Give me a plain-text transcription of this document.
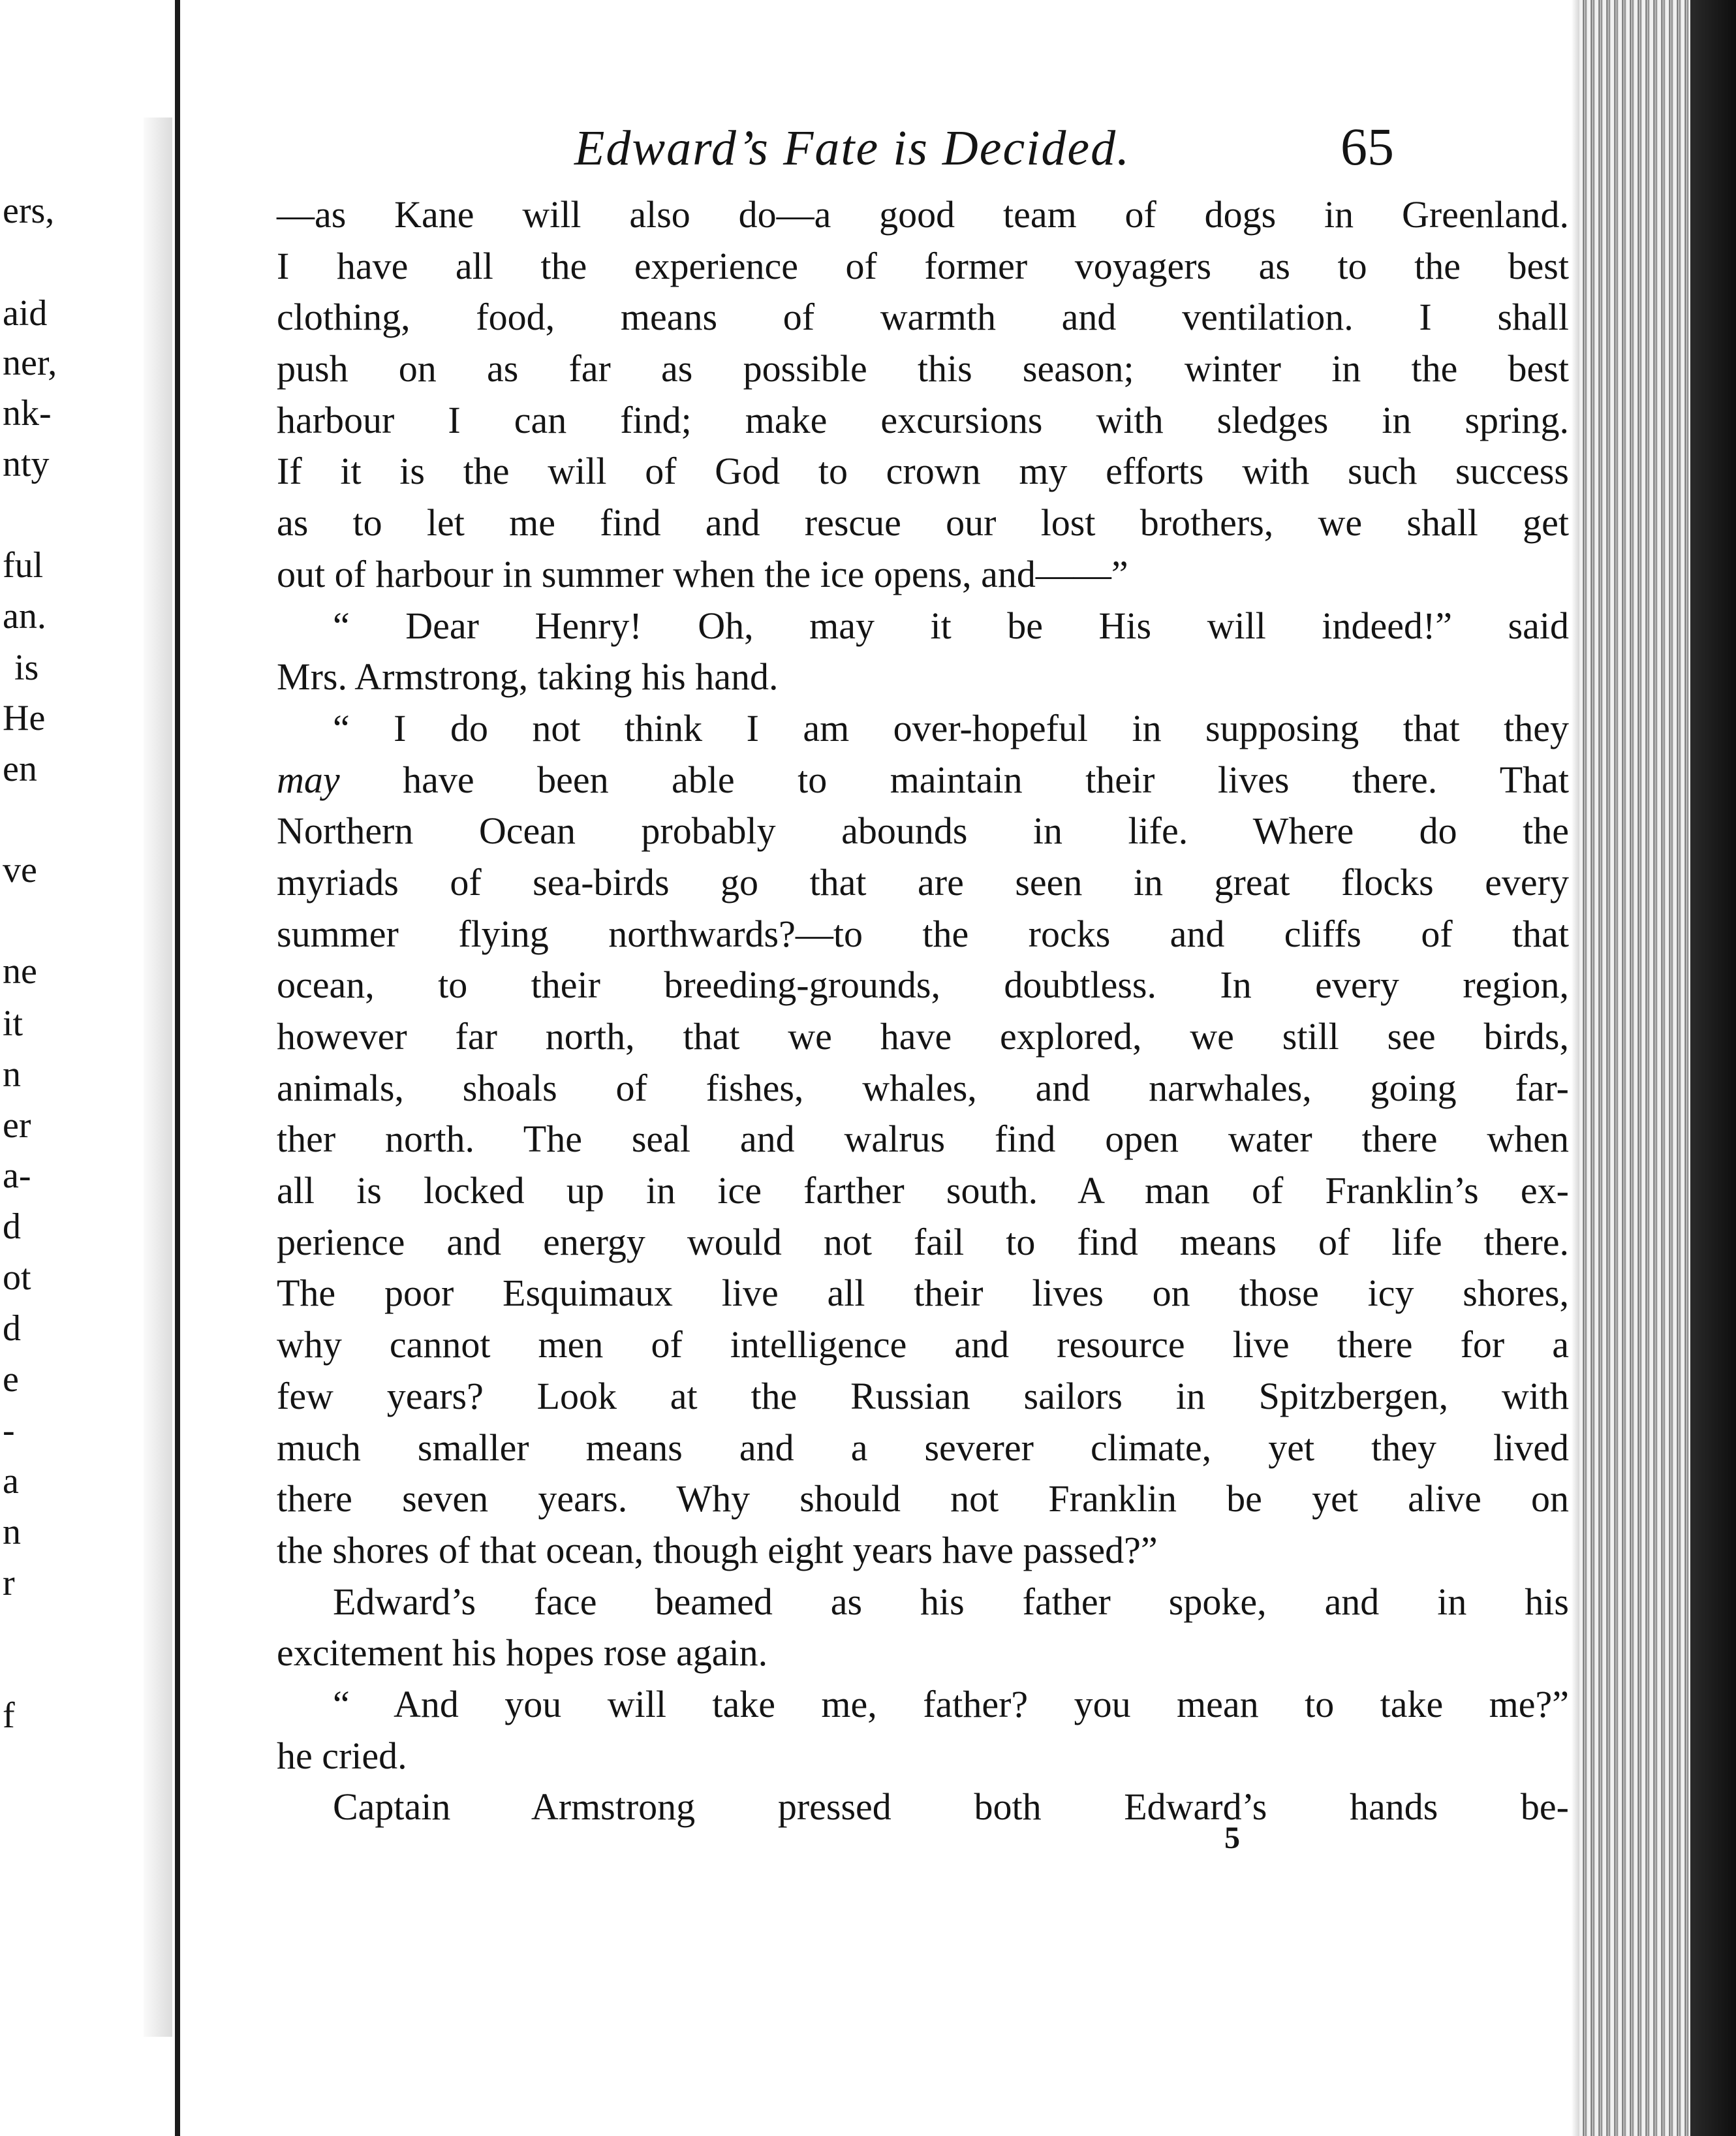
ers,
aid
ner,
nk-
nty
ful
an.
is
He
en
ve
ne
it
n
er
a-
d
ot
d
e
-
a
n
r
f
Edward’s Fate is Decided.	65
—as Kane will also do—a good team of dogs in Greenland.
I have all the experience of former voyagers as to the best
clothing, food, means of warmth and ventilation. I shall
push on as far as possible this season; winter in the best
harbour I can find; make excursions with sledges in spring.
If it is the will of God to crown my efforts with such success
as to let me find and rescue our lost brothers, we shall get
out of harbour in summer when the ice opens, and——”
“ Dear Henry! Oh, may it be His will indeed!” said
Mrs. Armstrong, taking his hand.
“ I do not think I am over-hopeful in supposing that they
may have been able to maintain their lives there. That
Northern Ocean probably abounds in life. Where do the
myriads of sea-birds go that are seen in great flocks every
summer flying northwards?—to the rocks and cliffs of that
ocean, to their breeding-grounds, doubtless. In every region,
however far north, that we have explored, we still see birds,
animals, shoals of fishes, whales, and narwhales, going far-
ther north. The seal and walrus find open water there when
all is locked up in ice farther south. A man of Franklin’s ex-
perience and energy would not fail to find means of life there.
The poor Esquimaux live all their lives on those icy shores,
why cannot men of intelligence and resource live there for a
few years? Look at the Russian sailors in Spitzbergen, with
much smaller means and a severer climate, yet they lived
there seven years. Why should not Franklin be yet alive on
the shores of that ocean, though eight years have passed?”
Edward’s face beamed as his father spoke, and in his
excitement his hopes rose again.
“ And you will take me, father? you mean to take me?”
he cried.
Captain Armstrong pressed both Edward’s hands be-
5
